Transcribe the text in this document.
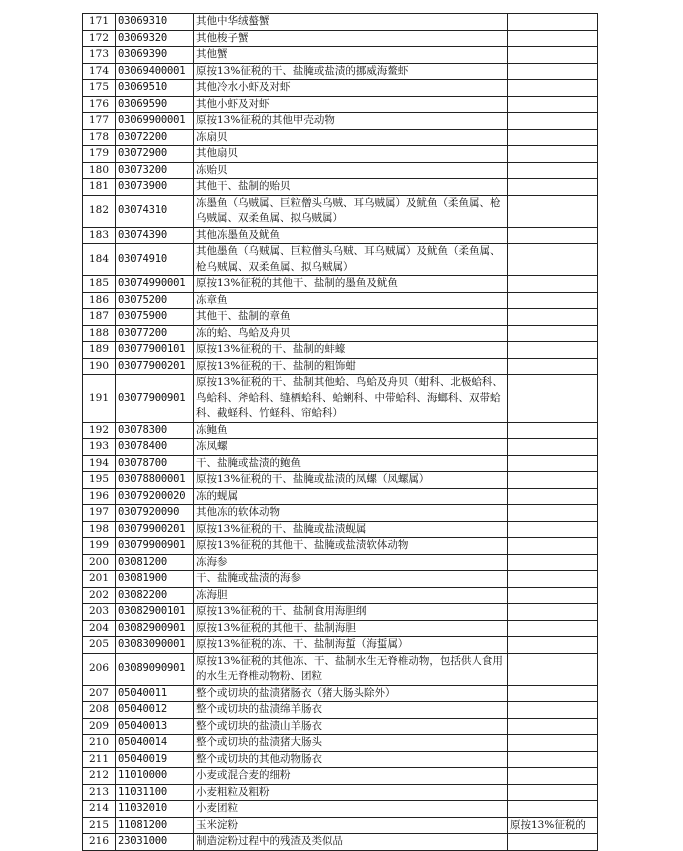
171	03069310	其他中华绒螯蟹	
172	03069320	其他梭子蟹	
173	03069390	其他蟹	
174	03069400001	原按13%征税的干、盐腌或盐渍的挪威海鳌虾	
175	03069510	其他冷水小虾及对虾	
176	03069590	其他小虾及对虾	
177	03069900001	原按13%征税的其他甲壳动物	
178	03072200	冻扇贝	
179	03072900	其他扇贝	
180	03073200	冻贻贝	
181	03073900	其他干、盐制的贻贝	
182	03074310	冻墨鱼（乌贼属、巨粒僧头乌贼、耳乌贼属）及鱿鱼（柔鱼属、枪乌贼属、双柔鱼属、拟乌贼属）	
183	03074390	其他冻墨鱼及鱿鱼	
184	03074910	其他墨鱼（乌贼属、巨粒僧头乌贼、耳乌贼属）及鱿鱼（柔鱼属、枪乌贼属、双柔鱼属、拟乌贼属）	
185	03074990001	原按13%征税的其他干、盐制的墨鱼及鱿鱼	
186	03075200	冻章鱼	
187	03075900	其他干、盐制的章鱼	
188	03077200	冻的蛤、鸟蛤及舟贝	
189	03077900101	原按13%征税的干、盐制的蚌蠔	
190	03077900201	原按13%征税的干、盐制的粗饰蚶	
191	03077900901	原按13%征税的干、盐制其他蛤、鸟蛤及舟贝（蚶科、北极蛤科、鸟蛤科、斧蛤科、缝栖蛤科、蛤蜊科、中带蛤科、海螂科、双带蛤科、截蛏科、竹蛏科、帘蛤科）	
192	03078300	冻鲍鱼	
193	03078400	冻凤螺	
194	03078700	干、盐腌或盐渍的鲍鱼	
195	03078800001	原按13%征税的干、盐腌或盐渍的凤螺（凤螺属）	
196	03079200020	冻的蚬属	
197	0307920090	其他冻的软体动物	
198	03079900201	原按13%征税的干、盐腌或盐渍蚬属	
199	03079900901	原按13%征税的其他干、盐腌或盐渍软体动物	
200	03081200	冻海参	
201	03081900	干、盐腌或盐渍的海参	
202	03082200	冻海胆	
203	03082900101	原按13%征税的干、盐制食用海胆纲	
204	03082900901	原按13%征税的其他干、盐制海胆	
205	03083090001	原按13%征税的冻、干、盐制海蜇（海蜇属）	
206	03089090901	原按13%征税的其他冻、干、盐制水生无脊椎动物，包括供人食用的水生无脊椎动物粉、团粒	
207	05040011	整个或切块的盐渍猪肠衣（猪大肠头除外）	
208	05040012	整个或切块的盐渍绵羊肠衣	
209	05040013	整个或切块的盐渍山羊肠衣	
210	05040014	整个或切块的盐渍猪大肠头	
211	05040019	整个或切块的其他动物肠衣	
212	11010000	小麦或混合麦的细粉	
213	11031100	小麦粗粒及粗粉	
214	11032010	小麦团粒	
215	11081200	玉米淀粉	原按13%征税的
216	23031000	制造淀粉过程中的残渣及类似品	
